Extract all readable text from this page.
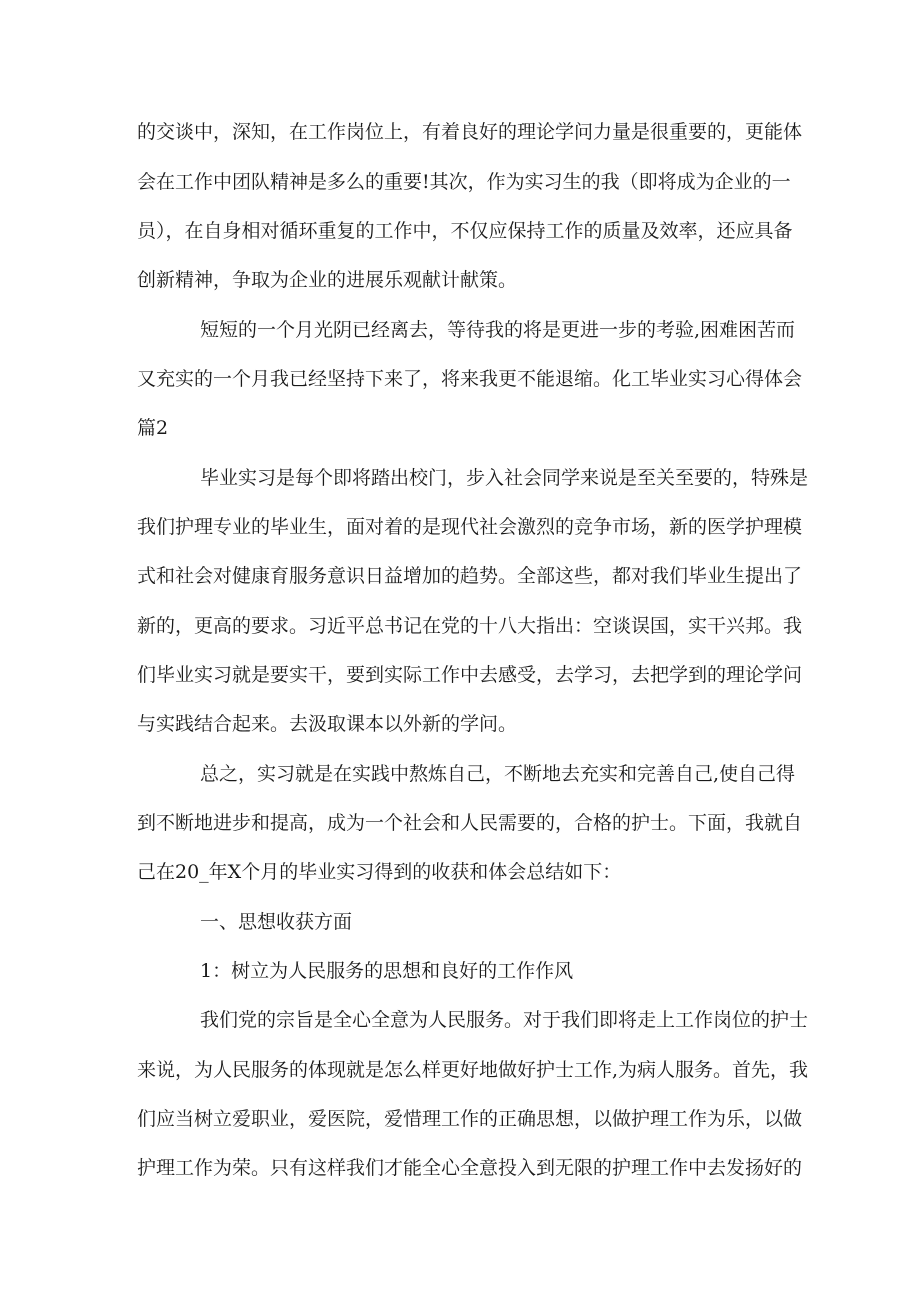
的交谈中，深知，在工作岗位上，有着良好的理论学问力量是很重要的，更能体
会在工作中团队精神是多么的重要!其次，作为实习生的我（即将成为企业的一
员），在自身相对循环重复的工作中，不仅应保持工作的质量及效率，还应具备
创新精神，争取为企业的进展乐观献计献策。
短短的一个月光阴已经离去，等待我的将是更进一步的考验,困难困苦而
又充实的一个月我已经坚持下来了，将来我更不能退缩。化工毕业实习心得体会
篇2
毕业实习是每个即将踏出校门，步入社会同学来说是至关至要的，特殊是
我们护理专业的毕业生，面对着的是现代社会激烈的竞争市场，新的医学护理模
式和社会对健康育服务意识日益增加的趋势。全部这些，都对我们毕业生提出了
新的，更高的要求。习近平总书记在党的十八大指出：空谈误国，实干兴邦。我
们毕业实习就是要实干，要到实际工作中去感受，去学习，去把学到的理论学问
与实践结合起来。去汲取课本以外新的学问。
总之，实习就是在实践中熬炼自己，不断地去充实和完善自己,使自己得
到不断地进步和提高，成为一个社会和人民需要的，合格的护士。下面，我就自
己在20_年X个月的毕业实习得到的收获和体会总结如下：
一、思想收获方面
1：树立为人民服务的思想和良好的工作作风
我们党的宗旨是全心全意为人民服务。对于我们即将走上工作岗位的护士
来说，为人民服务的体现就是怎么样更好地做好护士工作,为病人服务。首先，我
们应当树立爱职业，爱医院，爱惜理工作的正确思想，以做护理工作为乐，以做
护理工作为荣。只有这样我们才能全心全意投入到无限的护理工作中去发扬好的
